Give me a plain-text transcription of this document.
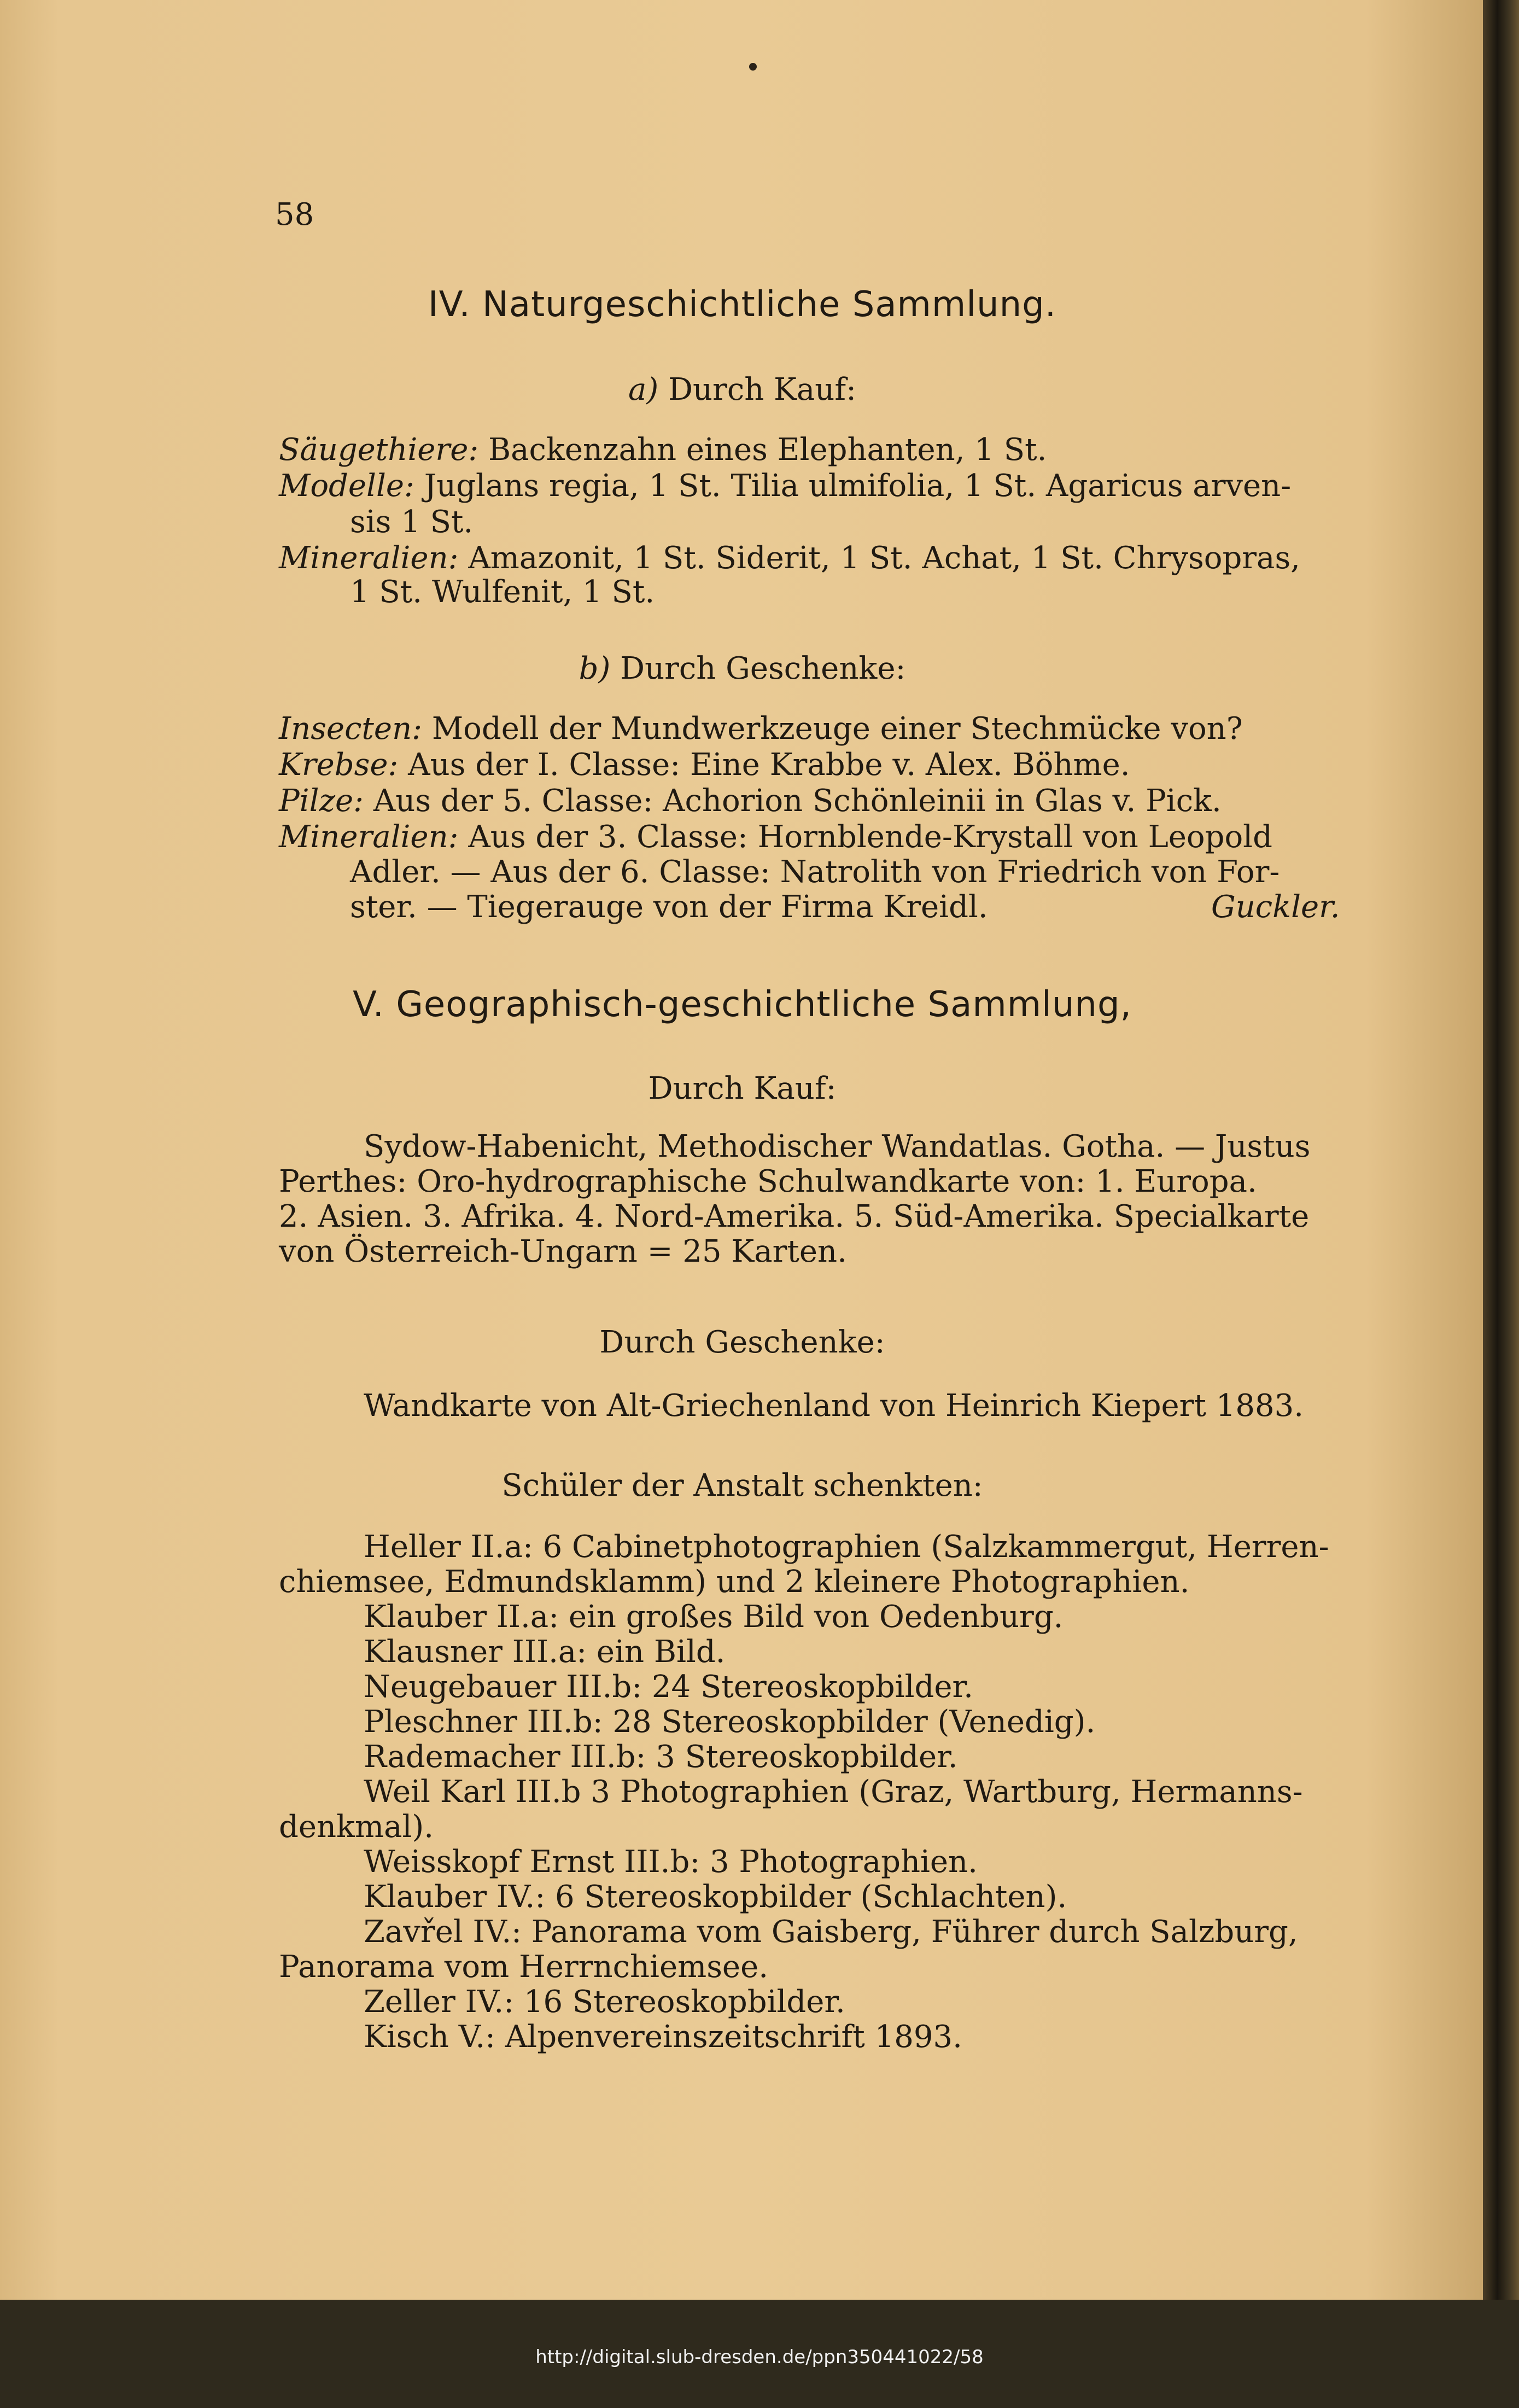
58
IV. Naturgeschichtliche Sammlung.
a) Durch Kauf:
Säugethiere: Backenzahn eines Elephanten, 1 St.
Modelle: Juglans regia, 1 St. Tilia ulmifolia, 1 St. Agaricus arven-
sis 1 St.
Mineralien: Amazonit, 1 St. Siderit, 1 St. Achat, 1 St. Chrysopras,
1 St. Wulfenit, 1 St.
b) Durch Geschenke:
Insecten: Modell der Mundwerkzeuge einer Stechmücke von?
Krebse: Aus der I. Classe: Eine Krabbe v. Alex. Böhme.
Pilze: Aus der 5. Classe: Achorion Schönleinii in Glas v. Pick.
Mineralien: Aus der 3. Classe: Hornblende-Krystall von Leopold
Adler. — Aus der 6. Classe: Natrolith von Friedrich von For-
ster. — Tiegerauge von der Firma Kreidl.	Guckler.
V. Geographisch-geschichtliche Sammlung,
Durch Kauf:
Sydow-Habenicht, Methodischer Wandatlas. Gotha. — Justus
Perthes: Oro-hydrographische Schulwandkarte von: 1. Europa.
2. Asien. 3. Afrika. 4. Nord-Amerika. 5. Süd-Amerika. Specialkarte
von Österreich-Ungarn = 25 Karten.
Durch Geschenke:
Wandkarte von Alt-Griechenland von Heinrich Kiepert 1883.
Schüler der Anstalt schenkten:
Heller II.a: 6 Cabinetphotographien (Salzkammergut, Herren-
chiemsee, Edmundsklamm) und 2 kleinere Photographien.
Klauber II.a: ein großes Bild von Oedenburg.
Klausner III.a: ein Bild.
Neugebauer III.b: 24 Stereoskopbilder.
Pleschner III.b: 28 Stereoskopbilder (Venedig).
Rademacher III.b: 3 Stereoskopbilder.
Weil Karl III.b 3 Photographien (Graz, Wartburg, Hermanns-
denkmal).
Weisskopf Ernst III.b: 3 Photographien.
Klauber IV.: 6 Stereoskopbilder (Schlachten).
Zavřel IV.: Panorama vom Gaisberg, Führer durch Salzburg,
Panorama vom Herrnchiemsee.
Zeller IV.: 16 Stereoskopbilder.
Kisch V.: Alpenvereinszeitschrift 1893.
http://digital.slub-dresden.de/ppn350441022/58
